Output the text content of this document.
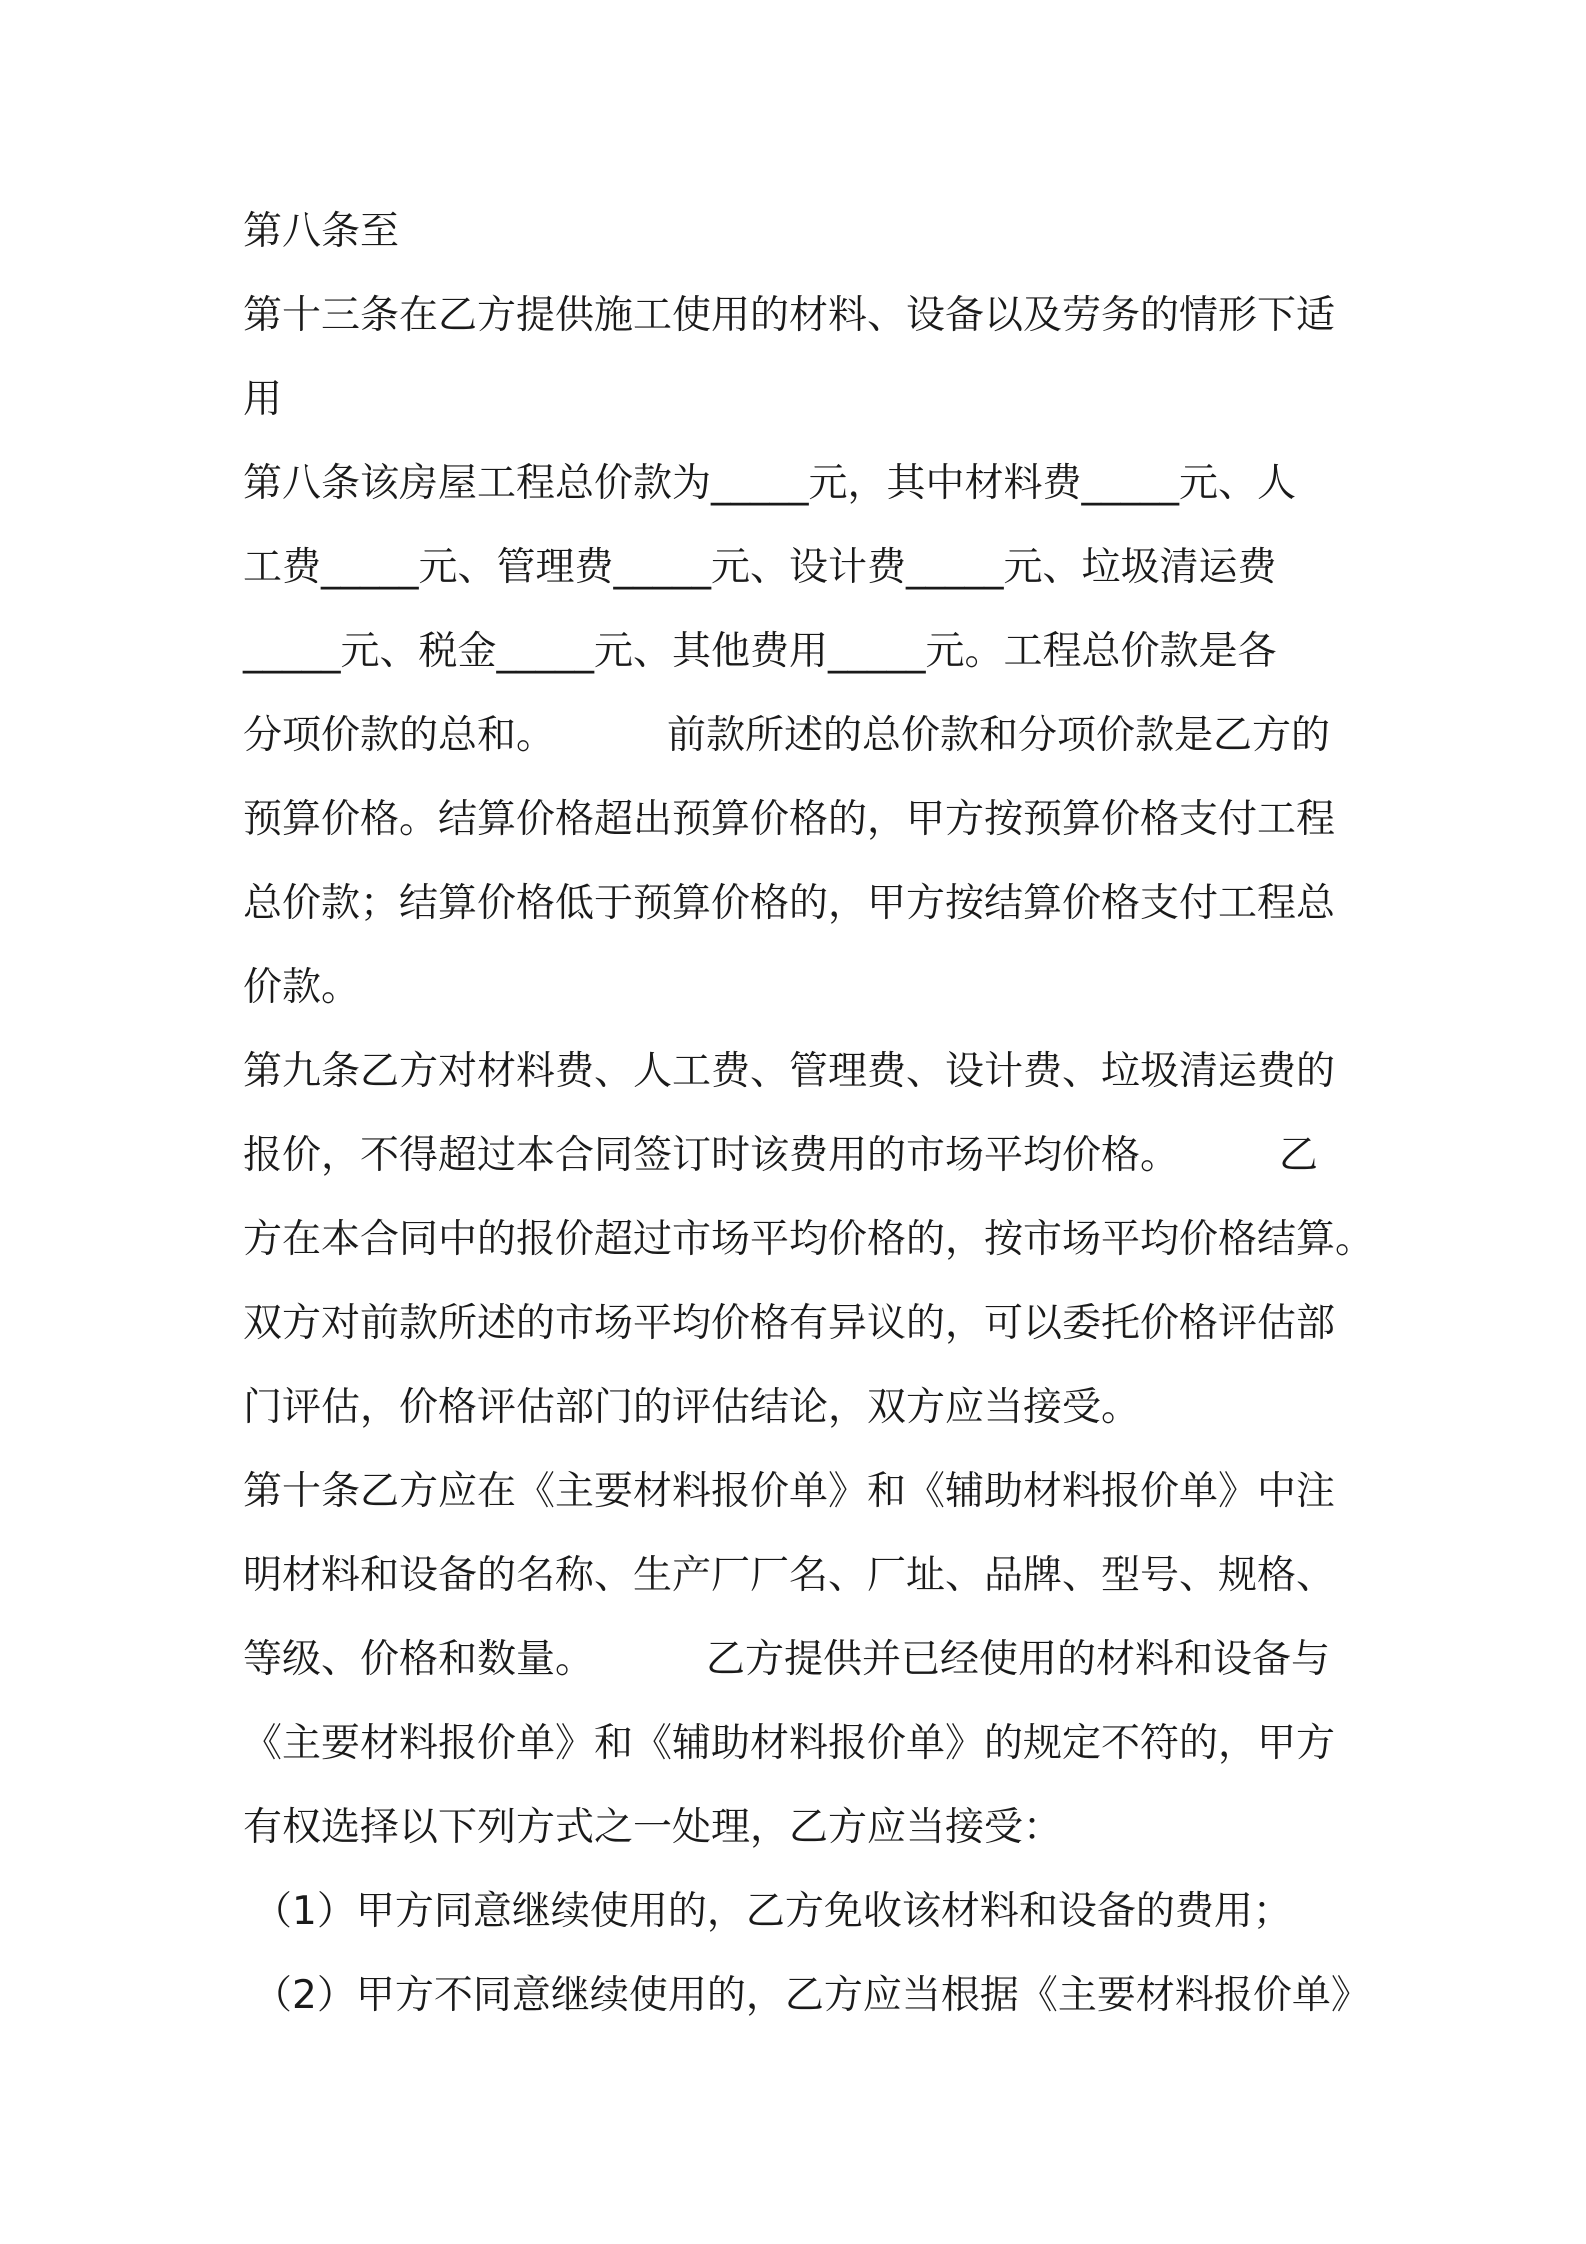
第八条至
第十三条在乙方提供施工使用的材料、设备以及劳务的情形下适
用
第八条该房屋工程总价款为_____元，其中材料费_____元、人
工费_____元、管理费_____元、设计费_____元、垃圾清运费
_____元、税金_____元、其他费用_____元。工程总价款是各
分项价款的总和。	前款所述的总价款和分项价款是乙方的
预算价格。结算价格超出预算价格的，甲方按预算价格支付工程
总价款；结算价格低于预算价格的，甲方按结算价格支付工程总
价款。
第九条乙方对材料费、人工费、管理费、设计费、垃圾清运费的
报价，不得超过本合同签订时该费用的市场平均价格。	乙
方在本合同中的报价超过市场平均价格的，按市场平均价格结算。
双方对前款所述的市场平均价格有异议的，可以委托价格评估部
门评估，价格评估部门的评估结论，双方应当接受。
第十条乙方应在《主要材料报价单》和《辅助材料报价单》中注
明材料和设备的名称、生产厂厂名、厂址、品牌、型号、规格、
等级、价格和数量。	乙方提供并已经使用的材料和设备与
《主要材料报价单》和《辅助材料报价单》的规定不符的，甲方
有权选择以下列方式之一处理，乙方应当接受：
（1）甲方同意继续使用的，乙方免收该材料和设备的费用；
（2）甲方不同意继续使用的，乙方应当根据《主要材料报价单》
